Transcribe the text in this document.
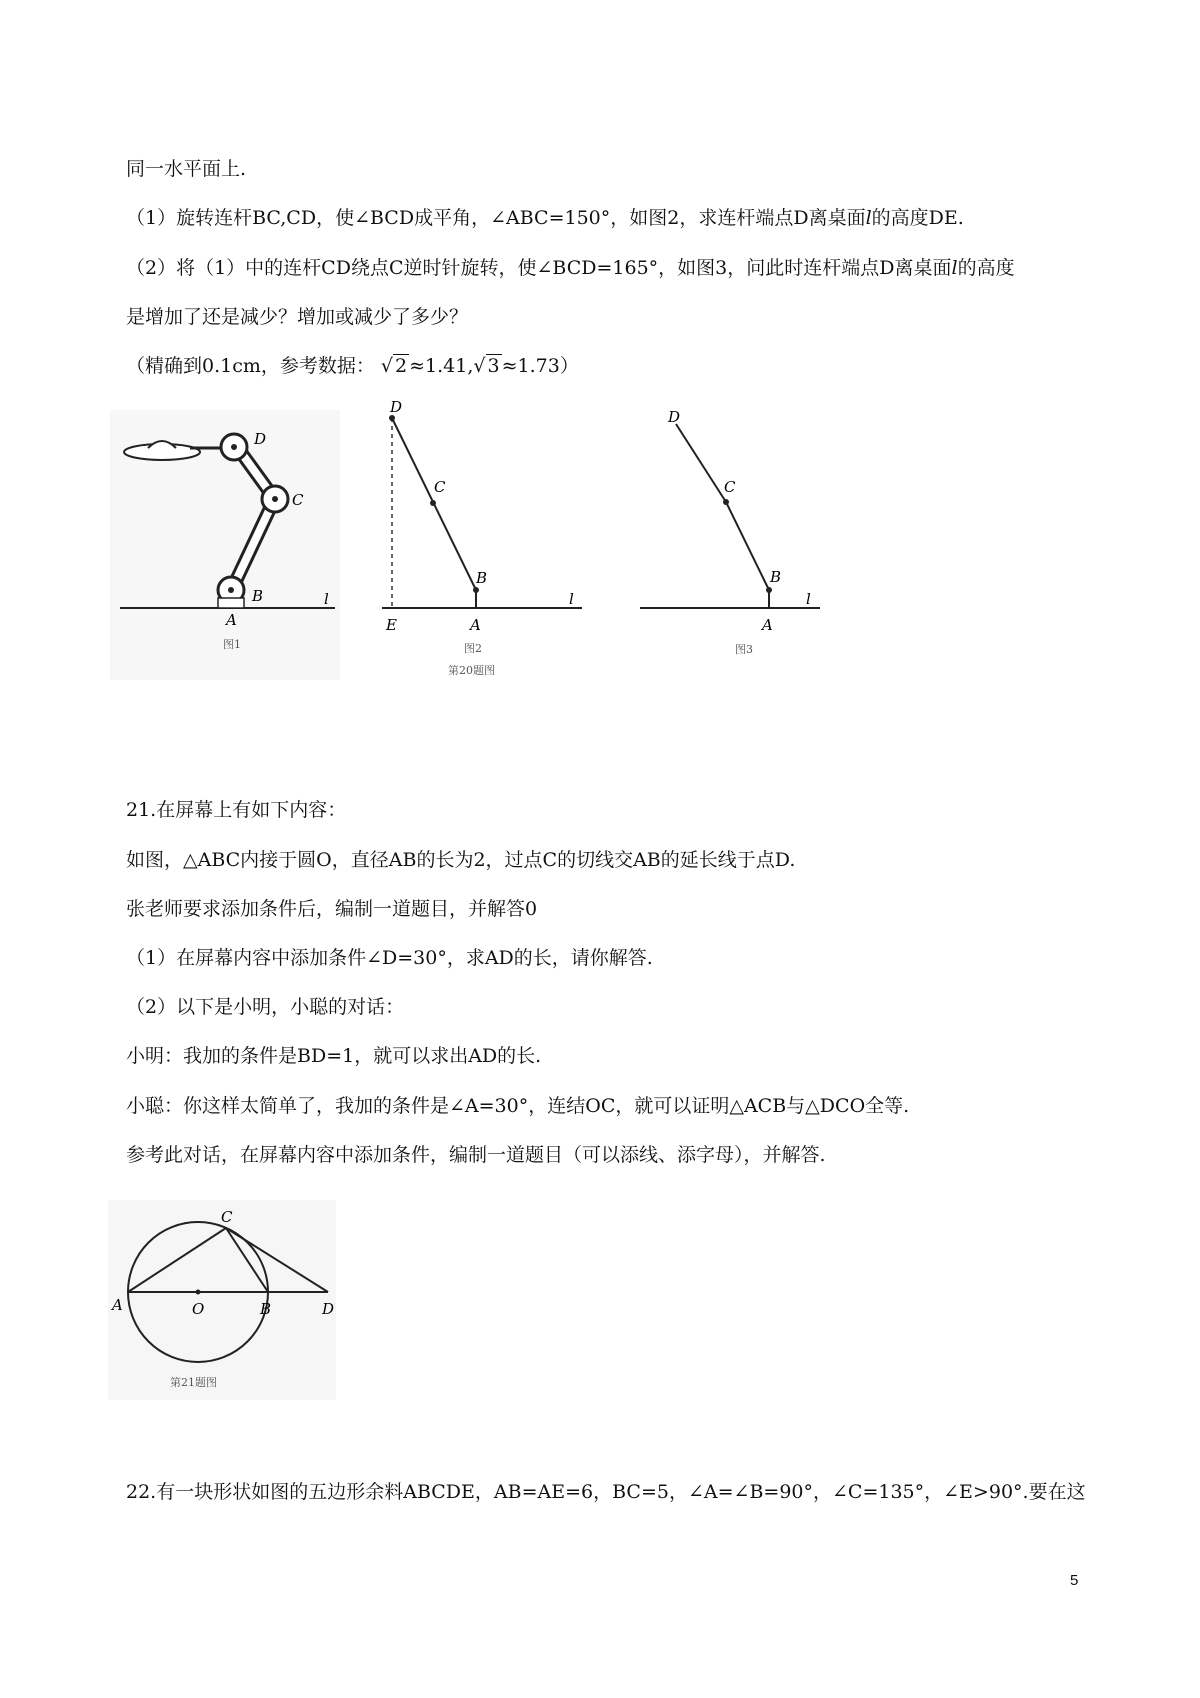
同一水平面上.
（1）旋转连杆BC,CD，使∠BCD成平角，∠ABC=150°，如图2，求连杆端点D离桌面l的高度DE.
（2）将（1）中的连杆CD绕点C逆时针旋转，使∠BCD=165°，如图3，问此时连杆端点D离桌面l的高度
是增加了还是减少？增加或减少了多少？
（精确到0.1cm，参考数据： √ 2 ≈1.41,√ 3 ≈1.73）
D
C
B
A
l
图1
D
C
B
A
E
l
图2
第20题图
D
C
B
A
l
图3
21.在屏幕上有如下内容：
如图，△ABC内接于圆O，直径AB的长为2，过点C的切线交AB的延长线于点D.
张老师要求添加条件后，编制一道题目，并解答0
（1）在屏幕内容中添加条件∠D=30°，求AD的长，请你解答.
（2）以下是小明，小聪的对话：
小明：我加的条件是BD=1，就可以求出AD的长.
小聪：你这样太简单了，我加的条件是∠A=30°，连结OC，就可以证明△ACB与△DCO全等.
参考此对话，在屏幕内容中添加条件，编制一道题目（可以添线、添字母），并解答.
A	O	B
C
D
第21题图
22.有一块形状如图的五边形余料ABCDE，AB=AE=6，BC=5，∠A=∠B=90°，∠C=135°，∠E>90°.要在这
5
